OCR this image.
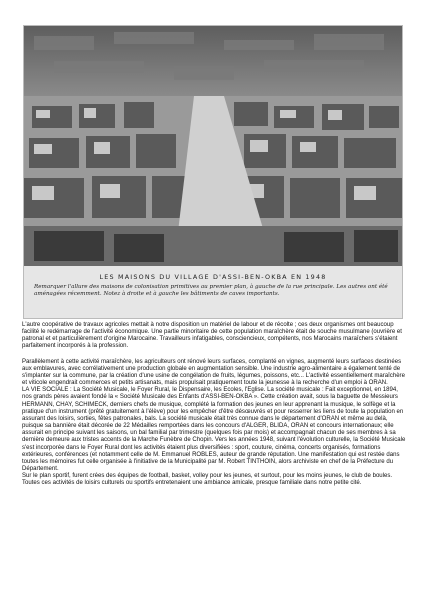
LES MAISONS DU VILLAGE D'ASSI-BEN-OKBA EN 1948
Remarquer l'allure des maisons de colonisation primitives au premier plan, à gauche de la rue principale. Les autres ont été aménagées récemment. Notez à droite et à gauche les bâtiments de caves importants.

L'autre coopérative de travaux agricoles mettait à notre disposition un matériel de labour et de récolte ; ces deux organismes ont beaucoup facilité le redémarrage de l'activité économique. Une partie minoritaire de cette population maraîchère était de souche musulmane (ouvrière et patronal et et particulièrement d'origine Marocaine. Travailleurs infatigables, consciencieux, compétents, nos Marocains maraîchers s'étaient parfaitement incorporés à la profession.

Parallèlement à cette activité maraîchère, les agriculteurs ont rénové leurs surfaces, complanté en vignes, augmenté leurs surfaces destinées aux emblavures, avec corrélativement une production globale en augmentation sensible. Une industrie agro-alimentaire a également tenté de s'implanter sur la commune, par la création d'une usine de congélation de fruits, légumes, poissons, etc... L'activité essentiellement maraîchère et viticole engendrait commerces et petits artisanats, mais propulsait pratiquement toute la jeunesse à la recherche d'un emploi à ORAN.

LA VIE SOCIALE : La Société Musicale, le Foyer Rural, le Dispensaire, les Ecoles, l'Eglise. La société musicale : Fait exceptionnel, en 1894, nos grands pères avaient fondé la « Société Musicale des Enfants d'ASSI-BEN-OKBA ». Cette création avait, sous la baguette de Messieurs HERMANN, CHAY, SCHIMECK, derniers chefs de musique, complété la formation des jeunes en leur apprenant la musique, le solfège et la pratique d'un instrument (prêté gratuitement à l'élève) pour les empêcher d'être désœuvrés et pour resserrer les liens de toute la population en assurant des loisirs, sorties, fêtes patronales, bals. La société musicale était très connue dans le département d'ORAN et même au delà, puisque sa bannière était décorée de 22 Médailles remportées dans les concours d'ALGER, BLIDA, ORAN et concours internationaux; elle assurait en principe suivant les saisons, un bal familial par trimestre (quelques fois par mois) et accompagnait chacun de ses membres à sa dernière demeure aux tristes accents de la Marche Funèbre de Chopin. Vers les années 1948, suivant l'évolution culturelle, la Société Musicale s'est incorporée dans le Foyer Rural dont les activités étaient plus diversifiées : sport, couture, cinéma, concerts organisés, formations extérieures, conférences (et notamment celle de M. Emmanuel ROBLES, auteur de grande réputation. Une manifestation qui est restée dans toutes les mémoires fut celle organisée à l'initiative de la Municipalité par M. Robert TINTHOIN, alors archiviste en chef de la Préfecture du Département.

Sur le plan sportif, furent crées des équipes de football, basket, volley pour les jeunes, et surtout, pour les moins jeunes, le club de boules. Toutes ces activités de loisirs culturels ou sportifs entretenaient une ambiance amicale, presque familiale dans notre petite cité.
